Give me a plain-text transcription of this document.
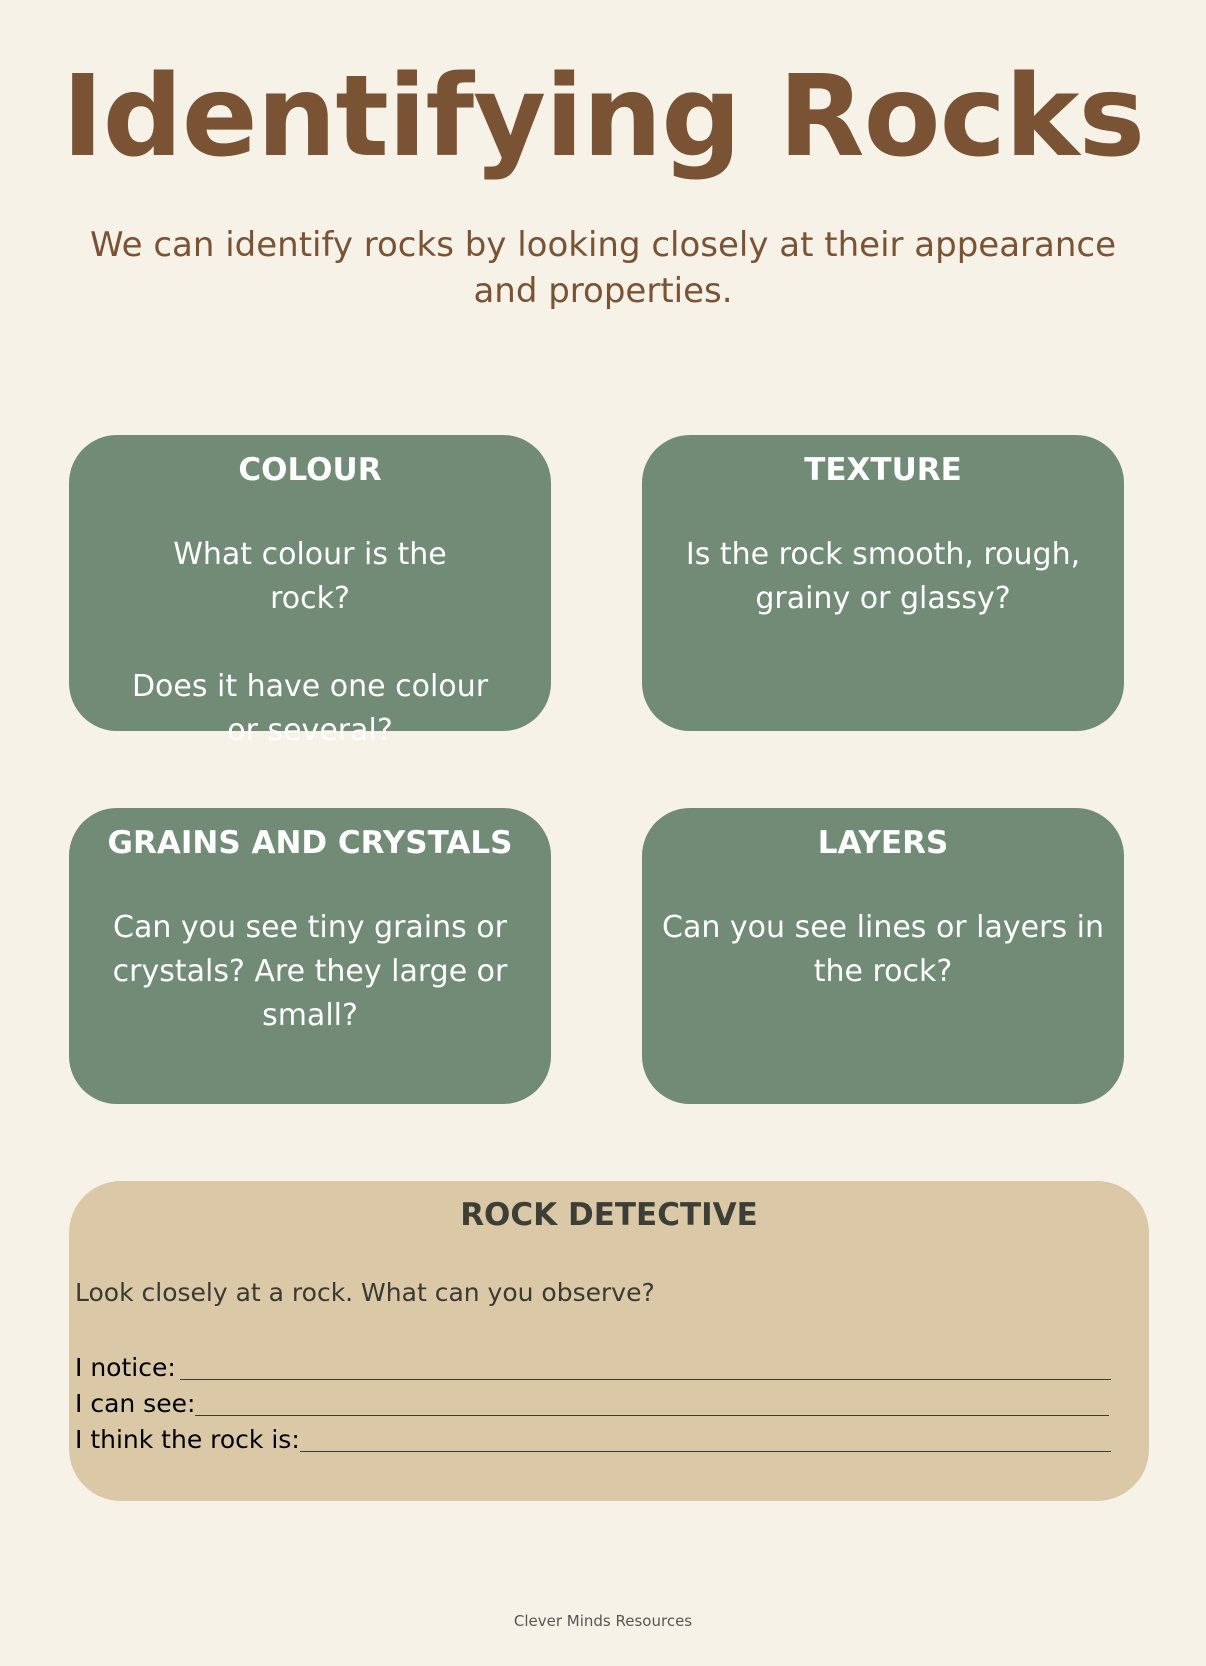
Identifying Rocks
We can identify rocks by looking closely at their appearance and properties.
COLOUR
What colour is the rock?
Does it have one colour or several?
TEXTURE
Is the rock smooth, rough, grainy or glassy?
GRAINS AND CRYSTALS
Can you see tiny grains or crystals? Are they large or small?
LAYERS
Can you see lines or layers in the rock?
ROCK DETECTIVE
Look closely at a rock. What can you observe?
I notice:
I can see:
I think the rock is:
Clever Minds Resources
